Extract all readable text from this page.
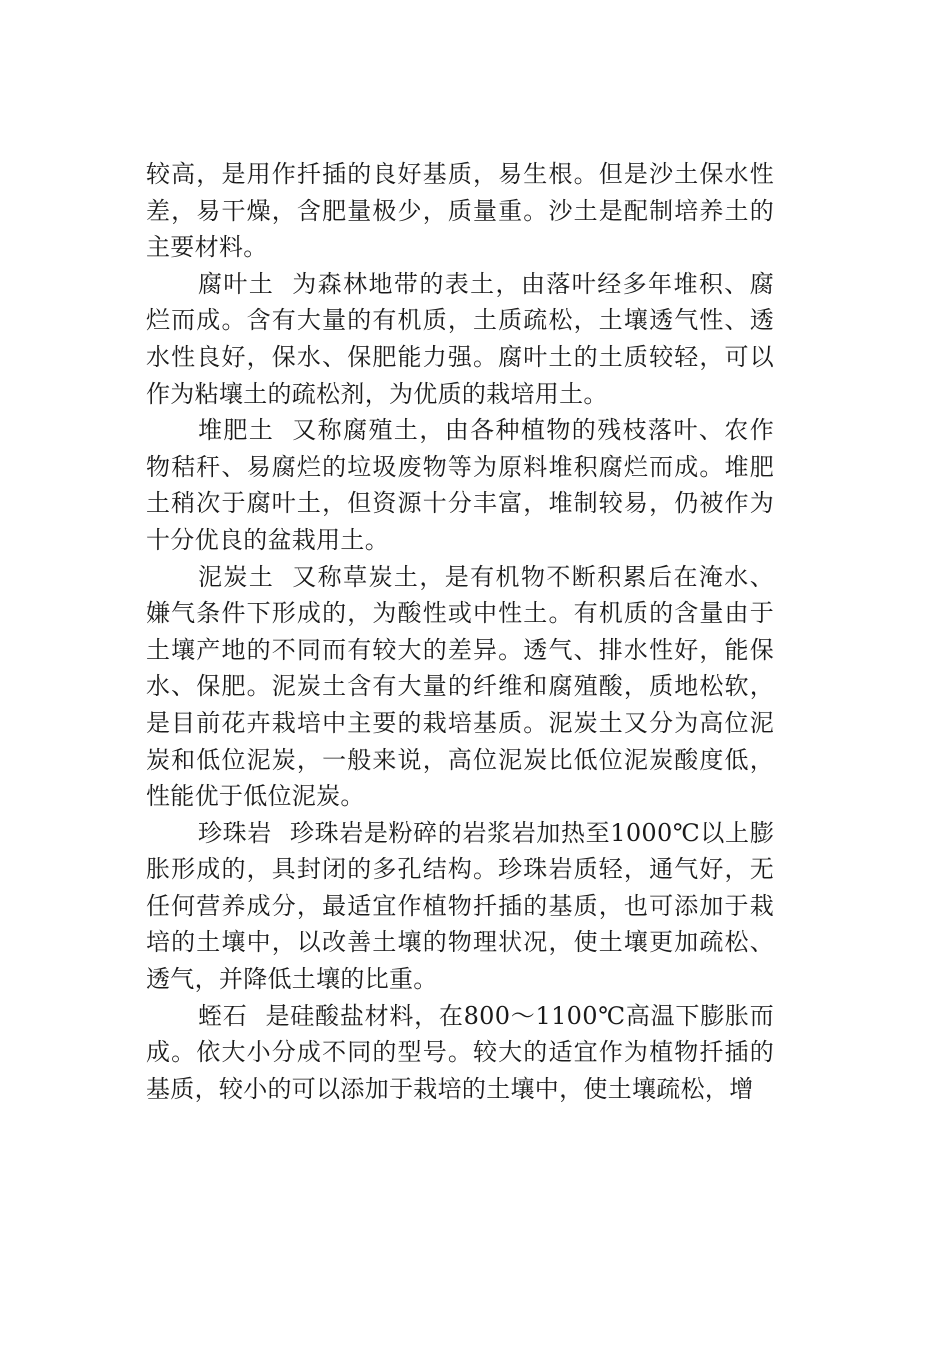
较高，是用作扦插的良好基质，易生根。但是沙土保水性差，易干燥，含肥量极少，质量重。沙土是配制培养土的主要材料。

腐叶土 为森林地带的表土，由落叶经多年堆积、腐烂而成。含有大量的有机质，土质疏松，土壤透气性、透水性良好，保水、保肥能力强。腐叶土的土质较轻，可以作为粘壤土的疏松剂，为优质的栽培用土。

堆肥土 又称腐殖土，由各种植物的残枝落叶、农作物秸秆、易腐烂的垃圾废物等为原料堆积腐烂而成。堆肥土稍次于腐叶土，但资源十分丰富，堆制较易，仍被作为十分优良的盆栽用土。

泥炭土 又称草炭土，是有机物不断积累后在淹水、嫌气条件下形成的，为酸性或中性土。有机质的含量由于土壤产地的不同而有较大的差异。透气、排水性好，能保水、保肥。泥炭土含有大量的纤维和腐殖酸，质地松软，是目前花卉栽培中主要的栽培基质。泥炭土又分为高位泥炭和低位泥炭，一般来说，高位泥炭比低位泥炭酸度低，性能优于低位泥炭。

珍珠岩 珍珠岩是粉碎的岩浆岩加热至1000℃以上膨胀形成的，具封闭的多孔结构。珍珠岩质轻，通气好，无任何营养成分，最适宜作植物扦插的基质，也可添加于栽培的土壤中，以改善土壤的物理状况，使土壤更加疏松、透气，并降低土壤的比重。

蛭石 是硅酸盐材料，在800～1100℃高温下膨胀而成。依大小分成不同的型号。较大的适宜作为植物扦插的基质，较小的可以添加于栽培的土壤中，使土壤疏松，增
